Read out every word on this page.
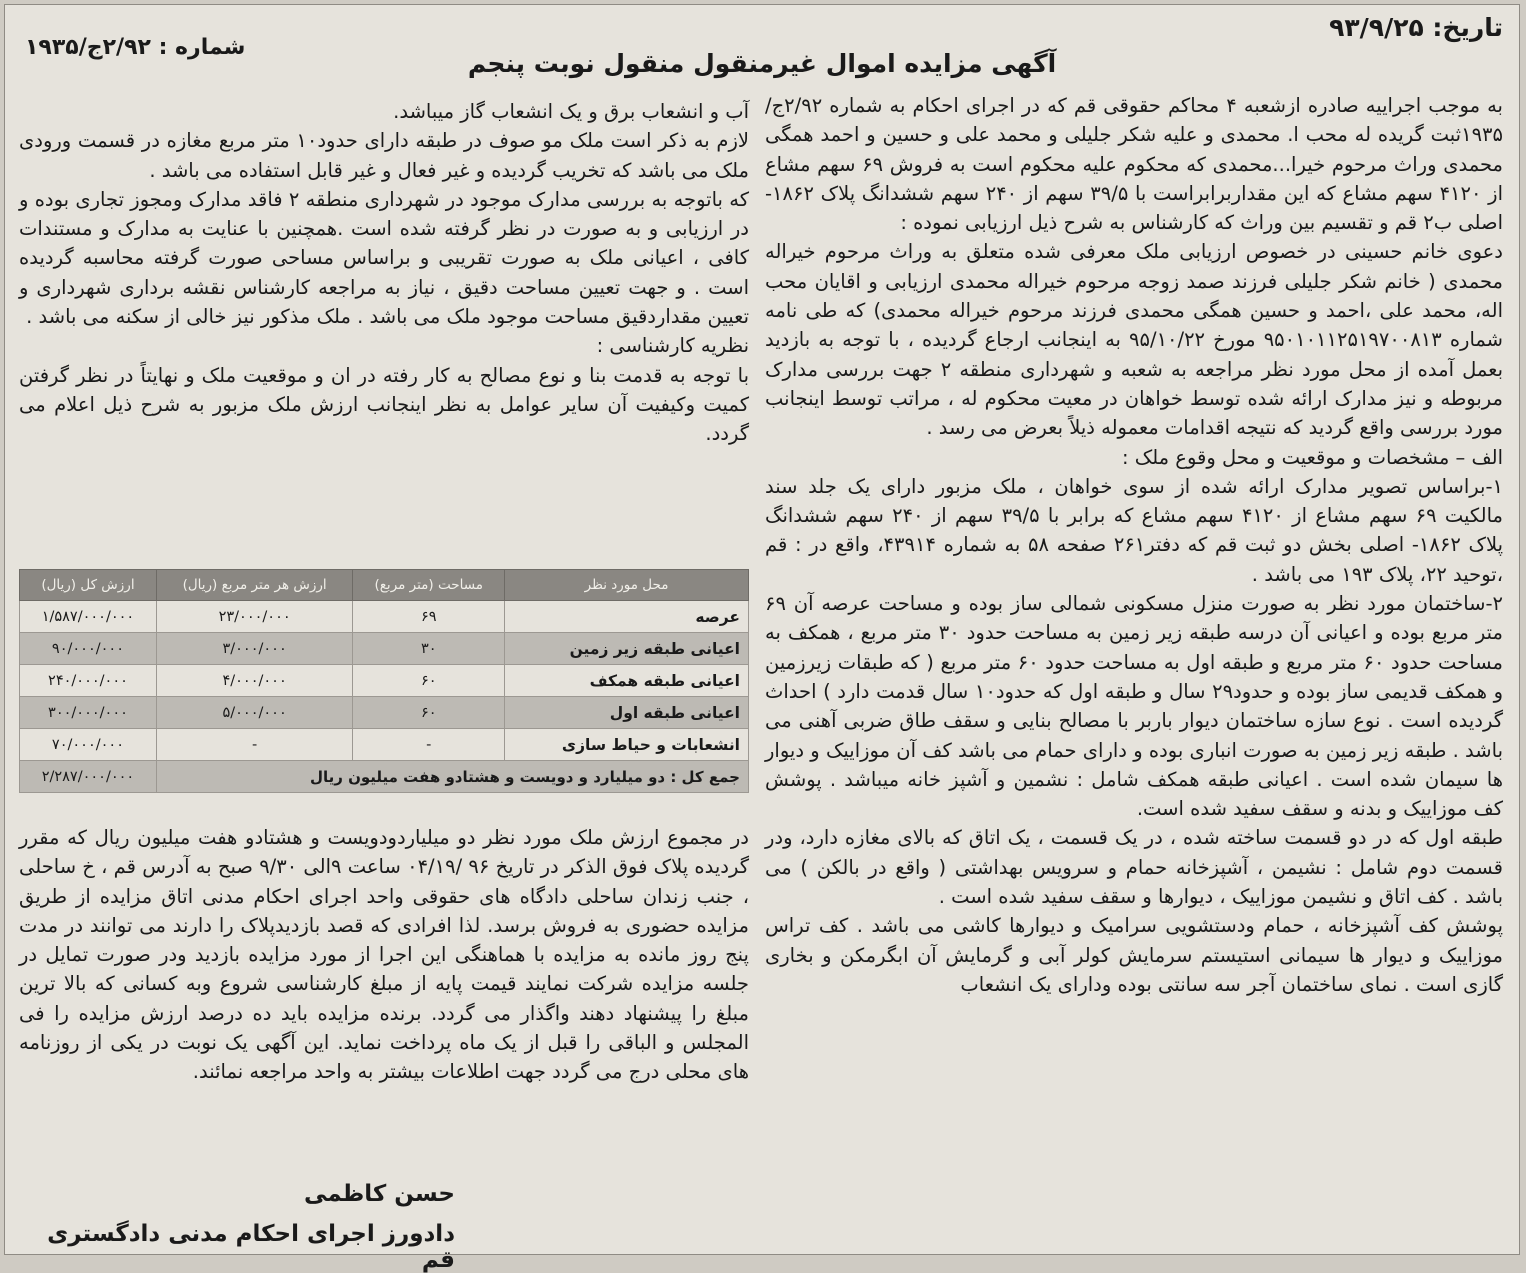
تاریخ: ۹۳/۹/۲۵
شماره : ۲/۹۲ج/۱۹۳۵
آگهی مزایده اموال غیرمنقول منقول نوبت پنجم

به موجب اجراییه صادره ازشعبه ۴ محاکم حقوقی قم که در اجرای احکام به شماره ۲/۹۲ج/۱۹۳۵ثبت گریده له محب ا. محمدی و علیه شکر جلیلی و محمد علی و حسین و احمد همگی محمدی وراث مرحوم خیرا...محمدی که محکوم علیه محکوم است به فروش ۶۹ سهم مشاع از ۴۱۲۰ سهم مشاع که این مقداربرابراست با ۳۹/۵ سهم از ۲۴۰ سهم ششدانگ پلاک ۱۸۶۲- اصلی ب۲ قم و تقسیم بین وراث که کارشناس به شرح ذیل ارزیابی نموده :

دعوی خانم حسینی در خصوص ارزیابی ملک معرفی شده متعلق به وراث مرحوم خیراله محمدی ( خانم شکر جلیلی فرزند صمد زوجه مرحوم خیراله محمدی ارزیابی و اقایان محب اله، محمد علی ،احمد و حسین همگی محمدی فرزند مرحوم خیراله محمدی) که طی نامه شماره ۹۵۰۱۰۱۱۲۵۱۹۷۰۰۸۱۳ مورخ ۹۵/۱۰/۲۲ به اینجانب ارجاع گردیده ، با توجه به بازدید بعمل آمده از محل مورد نظر مراجعه به شعبه و شهرداری منطقه ۲ جهت بررسی مدارک مربوطه و نیز مدارک ارائه شده توسط خواهان در معیت محکوم له ، مراتب توسط اینجانب مورد بررسی واقع گردید که نتیجه اقدامات معموله ذیلاً بعرض می رسد .

الف – مشخصات و موقعیت و محل وقوع ملک :

۱-براساس تصویر مدارک ارائه شده از سوی خواهان ، ملک مزبور دارای یک جلد سند مالکیت ۶۹ سهم مشاع از ۴۱۲۰ سهم مشاع که برابر با ۳۹/۵ سهم از ۲۴۰ سهم ششدانگ پلاک ۱۸۶۲- اصلی بخش دو ثبت قم که دفتر۲۶۱ صفحه ۵۸ به شماره ۴۳۹۱۴، واقع در : قم ،توحید ۲۲، پلاک ۱۹۳ می باشد .

۲-ساختمان مورد نظر به صورت منزل مسکونی شمالی ساز بوده و مساحت عرصه آن ۶۹ متر مربع بوده و اعیانی آن درسه طبقه زیر زمین به مساحت حدود ۳۰ متر مربع ، همکف به مساحت حدود ۶۰ متر مربع و طبقه اول به مساحت حدود ۶۰ متر مربع ( که طبقات زیرزمین و همکف قدیمی ساز بوده و حدود۲۹ سال و طبقه اول که حدود۱۰ سال قدمت دارد ) احداث گردیده است . نوع سازه ساختمان دیوار باربر با مصالح بنایی و سقف طاق ضربی آهنی می باشد . طبقه زیر زمین به صورت انباری بوده و دارای حمام می باشد کف آن موزاییک و دیوار ها سیمان شده است . اعیانی طبقه همکف شامل : نشمین و آشپز خانه میباشد . پوشش کف موزاییک و بدنه و سقف سفید شده است.

طبقه اول که در دو قسمت ساخته شده ، در یک قسمت ، یک اتاق که بالای مغازه دارد، ودر قسمت دوم شامل : نشیمن ، آشپزخانه حمام و سرویس بهداشتی ( واقع در بالکن ) می باشد . کف اتاق و نشیمن موزاییک ، دیوارها و سقف سفید شده است .

پوشش کف آشپزخانه ، حمام ودستشویی سرامیک و دیوارها کاشی می باشد . کف تراس موزاییک و دیوار ها سیمانی استیستم سرمایش کولر آبی و گرمایش آن ابگرمکن و بخاری گازی است . نمای ساختمان آجر سه سانتی بوده ودارای یک انشعاب

آب و انشعاب برق و یک انشعاب گاز میباشد.

لازم به ذکر است ملک مو صوف در طبقه دارای حدود۱۰ متر مربع مغازه در قسمت ورودی ملک می باشد که تخریب گردیده و غیر فعال و غیر قابل استفاده می باشد .

که باتوجه به بررسی مدارک موجود در شهرداری منطقه ۲ فاقد مدارک ومجوز تجاری بوده و در ارزیابی و به صورت در نظر گرفته شده است .همچنین با عنایت به مدارک و مستندات کافی ، اعیانی ملک به صورت تقریبی و براساس مساحی صورت گرفته محاسبه گردیده است . و جهت تعیین مساحت دقیق ، نیاز به مراجعه کارشناس نقشه برداری شهرداری و تعیین مقداردقیق مساحت موجود ملک می باشد . ملک مذکور نیز خالی از سکنه می باشد .

نظریه کارشناسی :

با توجه به قدمت بنا و نوع مصالح به کار رفته در ان و موقعیت ملک و نهایتاً در نظر گرفتن کمیت وکیفیت آن سایر عوامل به نظر اینجانب ارزش ملک مزبور به شرح ذیل اعلام می گردد.

محل مورد نظر	مساحت (متر مربع)	ارزش هر متر مربع (ریال)	ارزش کل (ریال)
عرصه	۶۹	۲۳/۰۰۰/۰۰۰	۱/۵۸۷/۰۰۰/۰۰۰
اعیانی طبقه زیر زمین	۳۰	۳/۰۰۰/۰۰۰	۹۰/۰۰۰/۰۰۰
اعیانی طبقه همکف	۶۰	۴/۰۰۰/۰۰۰	۲۴۰/۰۰۰/۰۰۰
اعیانی طبقه اول	۶۰	۵/۰۰۰/۰۰۰	۳۰۰/۰۰۰/۰۰۰
انشعابات و حیاط سازی	-	-	۷۰/۰۰۰/۰۰۰
جمع کل : دو میلیارد و دویست و هشتادو هفت میلیون ریال			۲/۲۸۷/۰۰۰/۰۰۰

در مجموع ارزش ملک مورد نظر دو میلیاردودویست و هشتادو هفت میلیون ریال که مقرر گردیده پلاک فوق الذکر در تاریخ ۹۶ /۰۴/۱۹ ساعت ۹الی ۹/۳۰ صبح به آدرس قم ، خ ساحلی ، جنب زندان ساحلی دادگاه های حقوقی واحد اجرای احکام مدنی اتاق مزایده از طریق مزایده حضوری به فروش برسد. لذا افرادی که قصد بازدیدپلاک را دارند می توانند در مدت پنج روز مانده به مزایده با هماهنگی این اجرا از مورد مزایده بازدید ودر صورت تمایل در جلسه مزایده شرکت نمایند قیمت پایه از مبلغ کارشناسی شروع وبه کسانی که بالا ترین مبلغ را پیشنهاد دهند واگذار می گردد. برنده مزایده باید ده درصد ارزش مزایده را فی المجلس و الباقی را قبل از یک ماه پرداخت نماید. این آگهی یک نوبت در یکی از روزنامه های محلی درج می گردد جهت اطلاعات بیشتر به واحد مراجعه نمائند.

حسن کاظمی
دادورز اجرای احکام مدنی دادگستری قم
